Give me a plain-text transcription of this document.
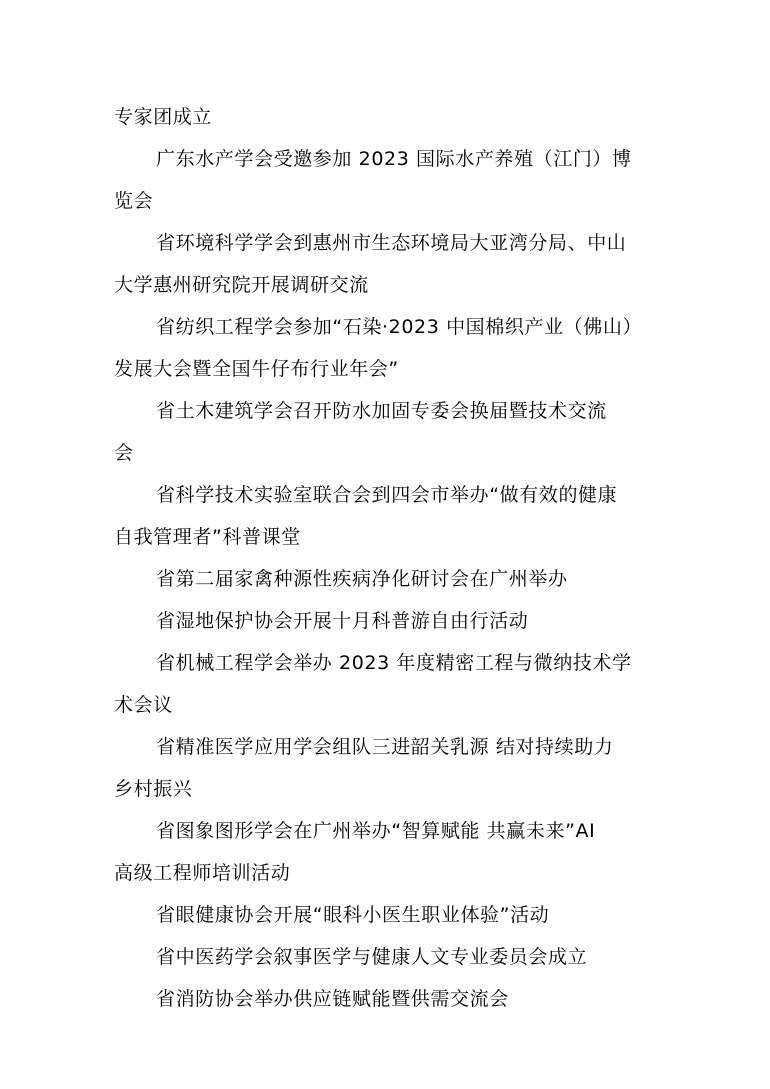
专家团成立
广东水产学会受邀参加 2023 国际水产养殖（江门）博
览会
省环境科学学会到惠州市生态环境局大亚湾分局、中山
大学惠州研究院开展调研交流
省纺织工程学会参加“石染·2023 中国棉织产业（佛山）
发展大会暨全国牛仔布行业年会”
省土木建筑学会召开防水加固专委会换届暨技术交流
会
省科学技术实验室联合会到四会市举办“做有效的健康
自我管理者”科普课堂
省第二届家禽种源性疾病净化研讨会在广州举办
省湿地保护协会开展十月科普游自由行活动
省机械工程学会举办 2023 年度精密工程与微纳技术学
术会议
省精准医学应用学会组队三进韶关乳源 结对持续助力
乡村振兴
省图象图形学会在广州举办“智算赋能 共赢未来”AI
高级工程师培训活动
省眼健康协会开展“眼科小医生职业体验”活动
省中医药学会叙事医学与健康人文专业委员会成立
省消防协会举办供应链赋能暨供需交流会
